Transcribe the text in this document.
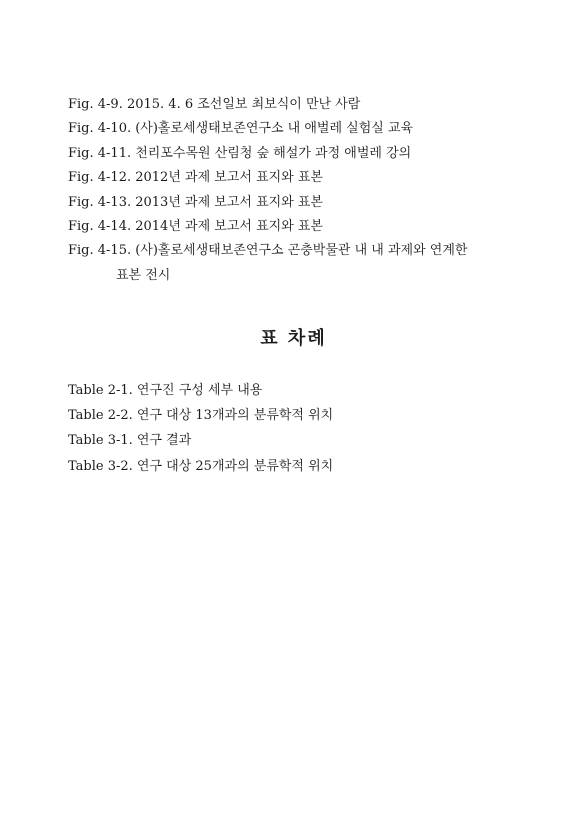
Fig. 4-9. 2015. 4. 6 조선일보 최보식이 만난 사람
Fig. 4-10. (사)홀로세생태보존연구소 내 애벌레 실험실 교육
Fig. 4-11. 천리포수목원 산림청 숲 해설가 과정 애벌레 강의
Fig. 4-12. 2012년 과제 보고서 표지와 표본
Fig. 4-13. 2013년 과제 보고서 표지와 표본
Fig. 4-14. 2014년 과제 보고서 표지와 표본
Fig. 4-15. (사)홀로세생태보존연구소 곤충박물관 내 내 과제와 연계한
표본 전시
표 차례
Table 2-1. 연구진 구성 세부 내용
Table 2-2. 연구 대상 13개과의 분류학적 위치
Table 3-1. 연구 결과
Table 3-2. 연구 대상 25개과의 분류학적 위치
